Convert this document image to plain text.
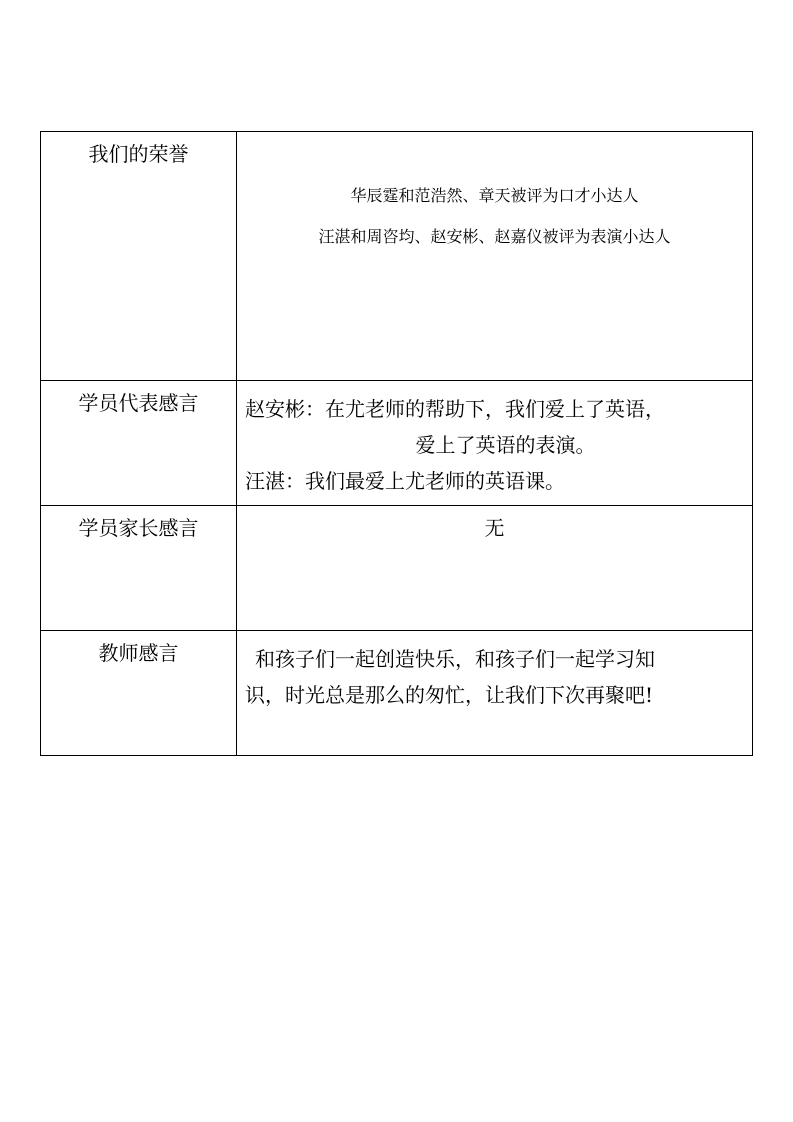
我们的荣誉	华辰霆和范浩然、章天被评为口才小达人
汪湛和周咨均、赵安彬、赵嘉仪被评为表演小达人

学员代表感言	赵安彬：在尤老师的帮助下，我们爱上了英语，
爱上了英语的表演。
汪湛：我们最爱上尤老师的英语课。

学员家长感言	无

教师感言	和孩子们一起创造快乐，和孩子们一起学习知
识，时光总是那么的匆忙，让我们下次再聚吧!
